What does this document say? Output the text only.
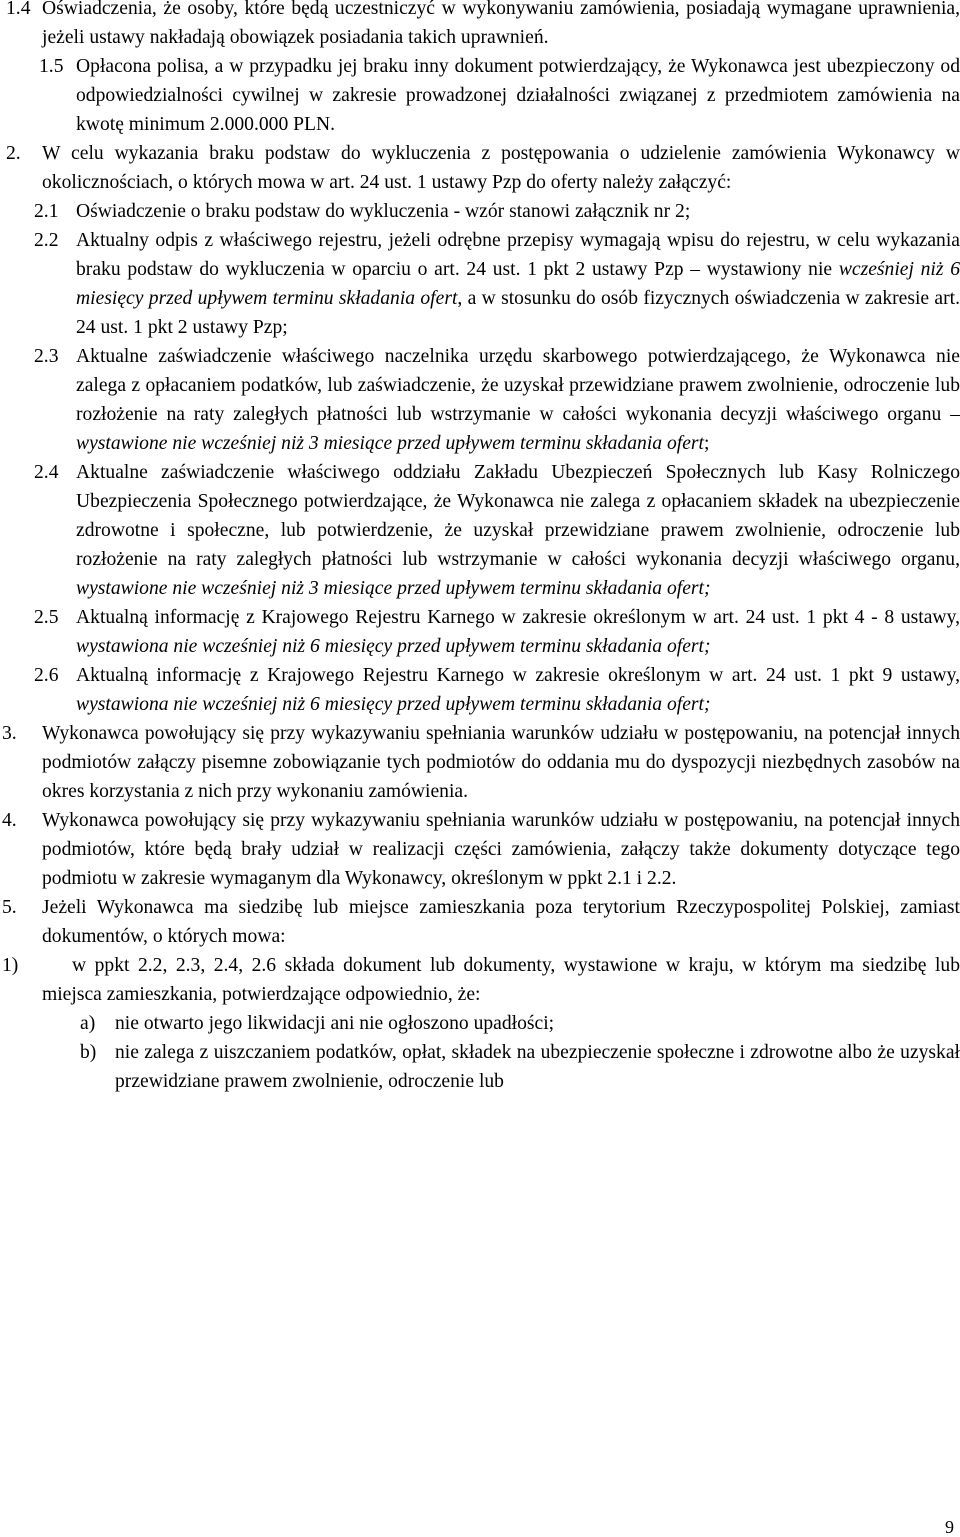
1.4 Oświadczenia, że osoby, które będą uczestniczyć w wykonywaniu zamówienia, posiadają wymagane uprawnienia, jeżeli ustawy nakładają obowiązek posiadania takich uprawnień.
1.5 Opłacona polisa, a w przypadku jej braku inny dokument potwierdzający, że Wykonawca jest ubezpieczony od odpowiedzialności cywilnej w zakresie prowadzonej działalności związanej z przedmiotem zamówienia na kwotę minimum 2.000.000 PLN.
2. W celu wykazania braku podstaw do wykluczenia z postępowania o udzielenie zamówienia Wykonawcy w okolicznościach, o których mowa w art. 24 ust. 1 ustawy Pzp do oferty należy załączyć:
2.1 Oświadczenie o braku podstaw do wykluczenia - wzór stanowi załącznik nr 2;
2.2 Aktualny odpis z właściwego rejestru, jeżeli odrębne przepisy wymagają wpisu do rejestru, w celu wykazania braku podstaw do wykluczenia w oparciu o art. 24 ust. 1 pkt 2 ustawy Pzp – wystawiony nie wcześniej niż 6 miesięcy przed upływem terminu składania ofert, a w stosunku do osób fizycznych oświadczenia w zakresie art. 24 ust. 1 pkt 2 ustawy Pzp;
2.3 Aktualne zaświadczenie właściwego naczelnika urzędu skarbowego potwierdzającego, że Wykonawca nie zalega z opłacaniem podatków, lub zaświadczenie, że uzyskał przewidziane prawem zwolnienie, odroczenie lub rozłożenie na raty zaległych płatności lub wstrzymanie w całości wykonania decyzji właściwego organu – wystawione nie wcześniej niż 3 miesiące przed upływem terminu składania ofert;
2.4 Aktualne zaświadczenie właściwego oddziału Zakładu Ubezpieczeń Społecznych lub Kasy Rolniczego Ubezpieczenia Społecznego potwierdzające, że Wykonawca nie zalega z opłacaniem składek na ubezpieczenie zdrowotne i społeczne, lub potwierdzenie, że uzyskał przewidziane prawem zwolnienie, odroczenie lub rozłożenie na raty zaległych płatności lub wstrzymanie w całości wykonania decyzji właściwego organu, wystawione nie wcześniej niż 3 miesiące przed upływem terminu składania ofert;
2.5 Aktualną informację z Krajowego Rejestru Karnego w zakresie określonym w art. 24 ust. 1 pkt 4 - 8 ustawy, wystawiona nie wcześniej niż 6 miesięcy przed upływem terminu składania ofert;
2.6 Aktualną informację z Krajowego Rejestru Karnego w zakresie określonym w art. 24 ust. 1 pkt 9 ustawy, wystawiona nie wcześniej niż 6 miesięcy przed upływem terminu składania ofert;
3. Wykonawca powołujący się przy wykazywaniu spełniania warunków udziału w postępowaniu, na potencjał innych podmiotów załączy pisemne zobowiązanie tych podmiotów do oddania mu do dyspozycji niezbędnych zasobów na okres korzystania z nich przy wykonaniu zamówienia.
4. Wykonawca powołujący się przy wykazywaniu spełniania warunków udziału w postępowaniu, na potencjał innych podmiotów, które będą brały udział w realizacji części zamówienia, załączy także dokumenty dotyczące tego podmiotu w zakresie wymaganym dla Wykonawcy, określonym w ppkt 2.1 i 2.2.
5. Jeżeli Wykonawca ma siedzibę lub miejsce zamieszkania poza terytorium Rzeczypospolitej Polskiej, zamiast dokumentów, o których mowa:
1)	w ppkt 2.2, 2.3, 2.4, 2.6 składa dokument lub dokumenty, wystawione w kraju, w którym ma siedzibę lub miejsca zamieszkania, potwierdzające odpowiednio, że:
a) nie otwarto jego likwidacji ani nie ogłoszono upadłości;
b) nie zalega z uiszczaniem podatków, opłat, składek na ubezpieczenie społeczne i zdrowotne albo że uzyskał przewidziane prawem zwolnienie, odroczenie lub
9
